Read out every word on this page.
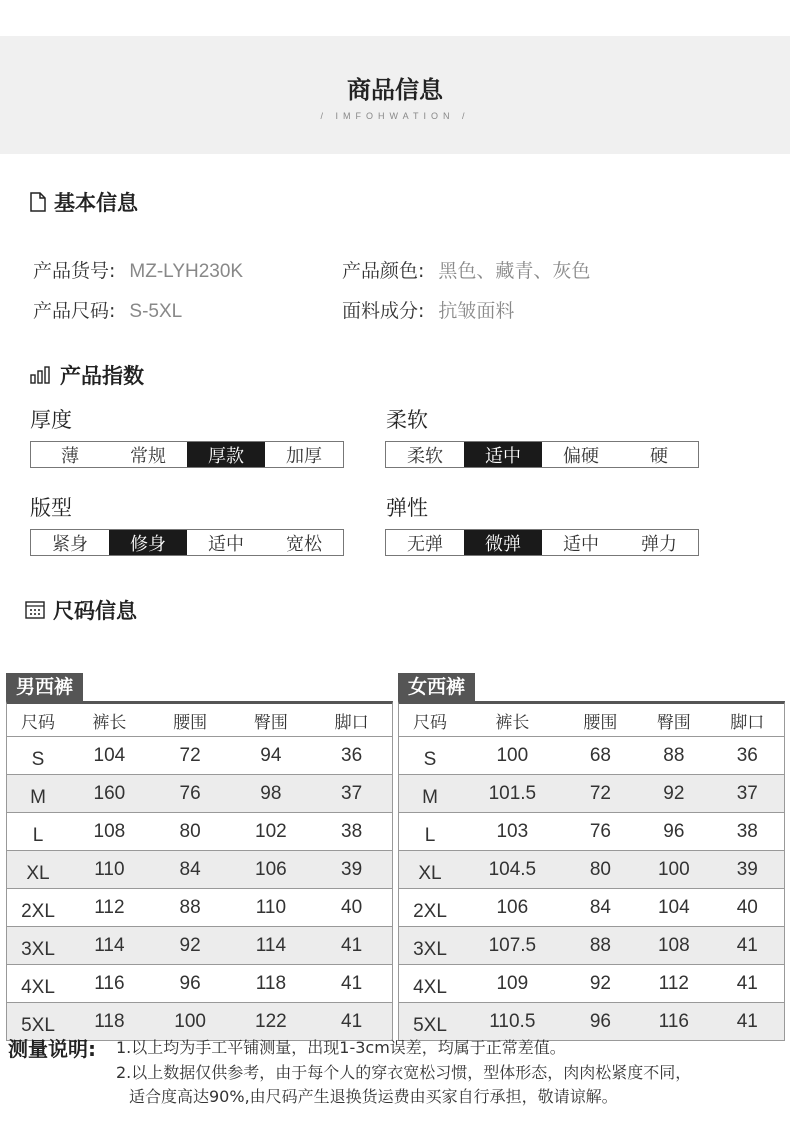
商品信息
/ IMFOHWATION /
基本信息
产品货号: MZ-LYH230K	产品颜色: 黑色、藏青、灰色
产品尺码: S-5XL	面料成分: 抗皱面料
产品指数
厚度
薄	常规	厚款	加厚
柔软
柔软	适中	偏硬	硬
版型
紧身	修身	适中	宽松
弹性
无弹	微弹	适中	弹力
尺码信息
男西裤
尺码	裤长	腰围	臀围	脚口
S	104	72	94	36
M	160	76	98	37
L	108	80	102	38
XL	110	84	106	39
2XL	112	88	110	40
3XL	114	92	114	41
4XL	116	96	118	41
5XL	118	100	122	41
女西裤
尺码	裤长	腰围	臀围	脚口
S	100	68	88	36
M	101.5	72	92	37
L	103	76	96	38
XL	104.5	80	100	39
2XL	106	84	104	40
3XL	107.5	88	108	41
4XL	109	92	112	41
5XL	110.5	96	116	41
测量说明: 1.以上均为手工平铺测量，出现1-3cm误差，均属于正常差值。
2.以上数据仅供参考，由于每个人的穿衣宽松习惯，型体形态，肉肉松紧度不同，
适合度高达90%,由尺码产生退换货运费由买家自行承担，敬请谅解。
